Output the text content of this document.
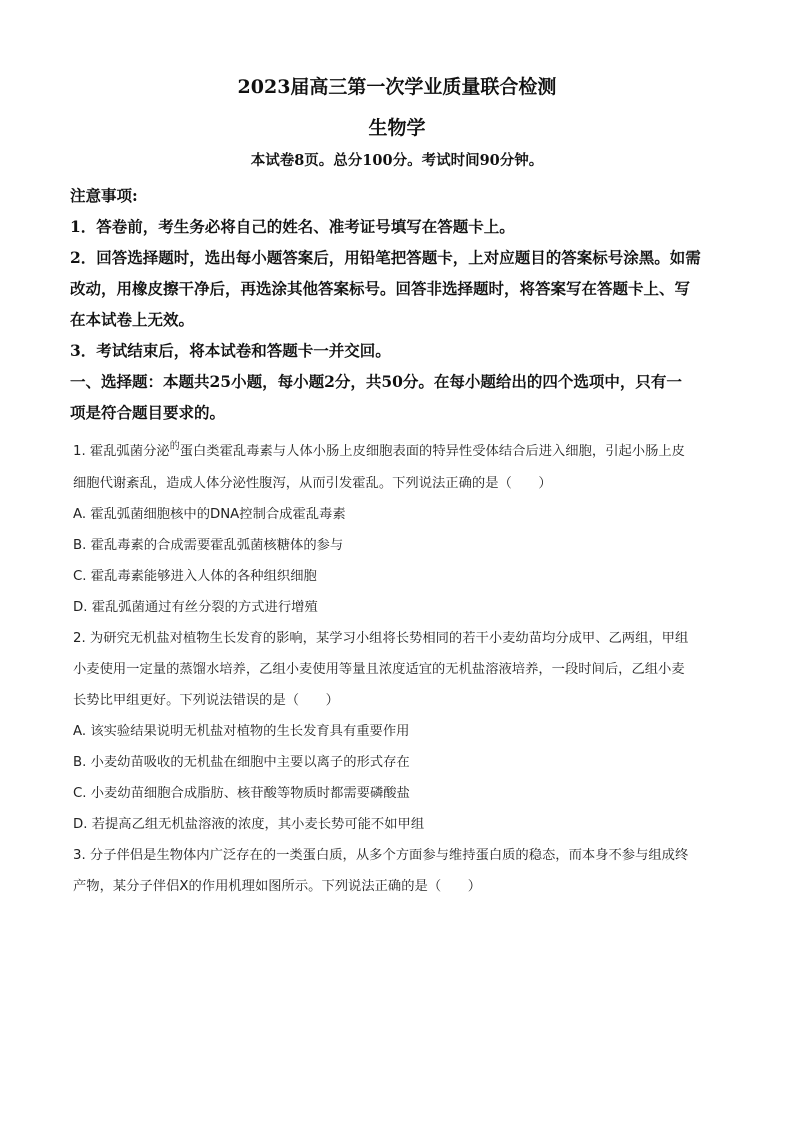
2023届高三第一次学业质量联合检测
生物学
本试卷8页。总分100分。考试时间90分钟。

注意事项:

1．答卷前，考生务必将自己的姓名、准考证号填写在答题卡上。

2．回答选择题时，选出每小题答案后，用铅笔把答题卡，上对应题目的答案标号涂黑。如需

改动，用橡皮擦干净后，再选涂其他答案标号。回答非选择题时，将答案写在答题卡上、写

在本试卷上无效。

3．考试结束后，将本试卷和答题卡一并交回。

一、选择题：本题共25小题，每小题2分，共50分。在每小题给出的四个选项中，只有一

项是符合题目要求的。

1. 霍乱弧菌分泌$^的$蛋白类霍乱毒素与人体小肠上皮细胞表面的特异性受体结合后进入细胞，引起小肠上皮

细胞代谢紊乱，造成人体分泌性腹泻，从而引发霍乱。下列说法正确的是（　　）

A. 霍乱弧菌细胞核中的DNA控制合成霍乱毒素

B. 霍乱毒素的合成需要霍乱弧菌核糖体的参与

C. 霍乱毒素能够进入人体的各种组织细胞

D. 霍乱弧菌通过有丝分裂的方式进行增殖

2. 为研究无机盐对植物生长发育的影响，某学习小组将长势相同的若干小麦幼苗均分成甲、乙两组，甲组

小麦使用一定量的蒸馏水培养，乙组小麦使用等量且浓度适宜的无机盐溶液培养，一段时间后，乙组小麦

长势比甲组更好。下列说法错误的是（　　）

A. 该实验结果说明无机盐对植物的生长发育具有重要作用

B. 小麦幼苗吸收的无机盐在细胞中主要以离子的形式存在

C. 小麦幼苗细胞合成脂肪、核苷酸等物质时都需要磷酸盐

D. 若提高乙组无机盐溶液的浓度，其小麦长势可能不如甲组

3. 分子伴侣是生物体内广泛存在的一类蛋白质，从多个方面参与维持蛋白质的稳态，而本身不参与组成终

产物，某分子伴侣X的作用机理如图所示。下列说法正确的是（　　）
